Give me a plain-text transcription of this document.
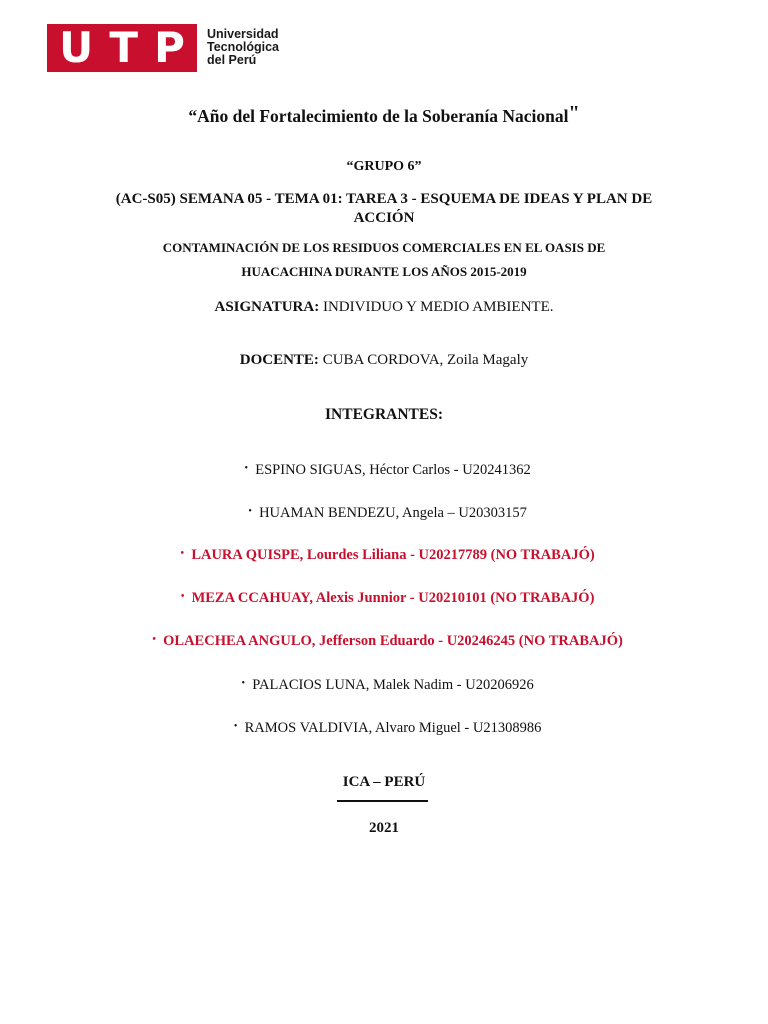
U T P Universidad
Tecnológica
del Perú

“Año del Fortalecimiento de la Soberanía Nacional"

“GRUPO 6”

(AC-S05) SEMANA 05 - TEMA 01: TAREA 3 - ESQUEMA DE IDEAS Y PLAN DE ACCIÓN

CONTAMINACIÓN DE LOS RESIDUOS COMERCIALES EN EL OASIS DE

HUACACHINA DURANTE LOS AÑOS 2015-2019

ASIGNATURA: INDIVIDUO Y MEDIO AMBIENTE.

DOCENTE: CUBA CORDOVA, Zoila Magaly

INTEGRANTES:

• ESPINO SIGUAS, Héctor Carlos - U20241362

• HUAMAN BENDEZU, Angela – U20303157

• LAURA QUISPE, Lourdes Liliana - U20217789 (NO TRABAJÓ)

• MEZA CCAHUAY, Alexis Junnior - U20210101 (NO TRABAJÓ)

• OLAECHEA ANGULO, Jefferson Eduardo - U20246245 (NO TRABAJÓ)

• PALACIOS LUNA, Malek Nadim - U20206926

• RAMOS VALDIVIA, Alvaro Miguel - U21308986

ICA – PERÚ

2021
